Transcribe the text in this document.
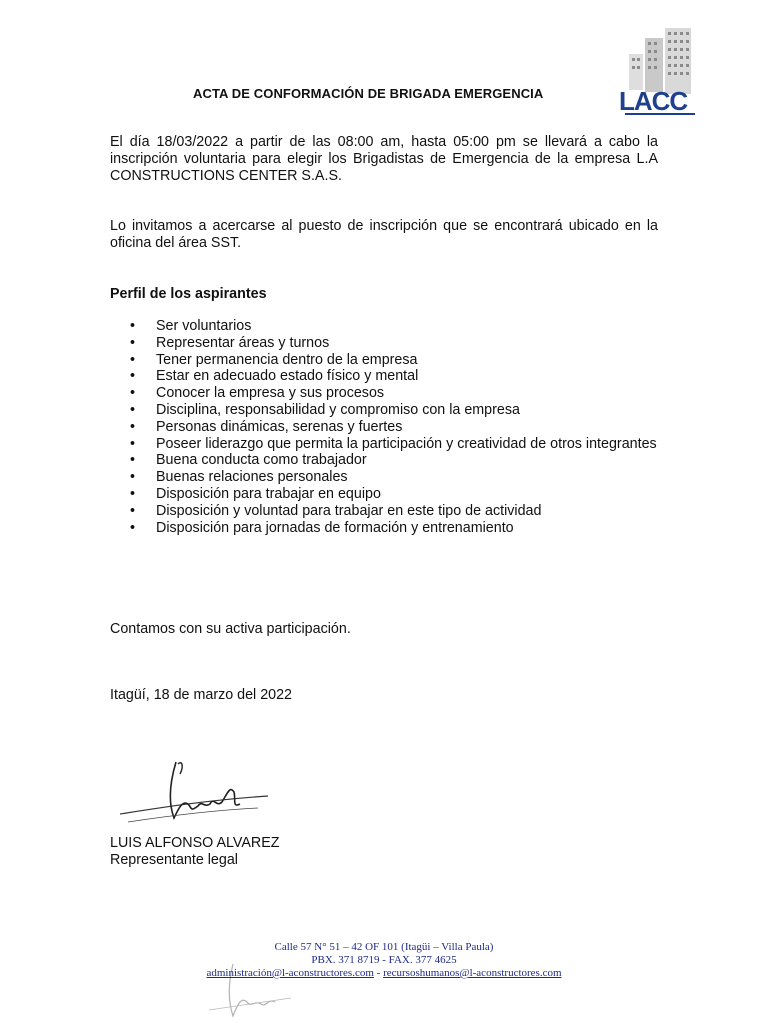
ACTA DE CONFORMACIÓN DE BRIGADA EMERGENCIA	LACC
El día 18/03/2022 a partir de las 08:00 am, hasta 05:00 pm se llevará a cabo la inscripción voluntaria para elegir los Brigadistas de Emergencia de la empresa L.A CONSTRUCTIONS CENTER S.A.S.
Lo invitamos a acercarse al puesto de inscripción que se encontrará ubicado en la oficina del área SST.
Perfil de los aspirantes
• Ser voluntarios
• Representar áreas y turnos
• Tener permanencia dentro de la empresa
• Estar en adecuado estado físico y mental
• Conocer la empresa y sus procesos
• Disciplina, responsabilidad y compromiso con la empresa
• Personas dinámicas, serenas y fuertes
• Poseer liderazgo que permita la participación y creatividad de otros integrantes
• Buena conducta como trabajador
• Buenas relaciones personales
• Disposición para trabajar en equipo
• Disposición y voluntad para trabajar en este tipo de actividad
• Disposición para jornadas de formación y entrenamiento
Contamos con su activa participación.
Itagüí, 18 de marzo del 2022
LUIS ALFONSO ALVAREZ
Representante legal
Calle 57 N° 51 – 42 OF 101 (Itagüi – Villa Paula)
PBX. 371 8719 - FAX. 377 4625
administración@l-aconstructores.com - recursoshumanos@l-aconstructores.com
